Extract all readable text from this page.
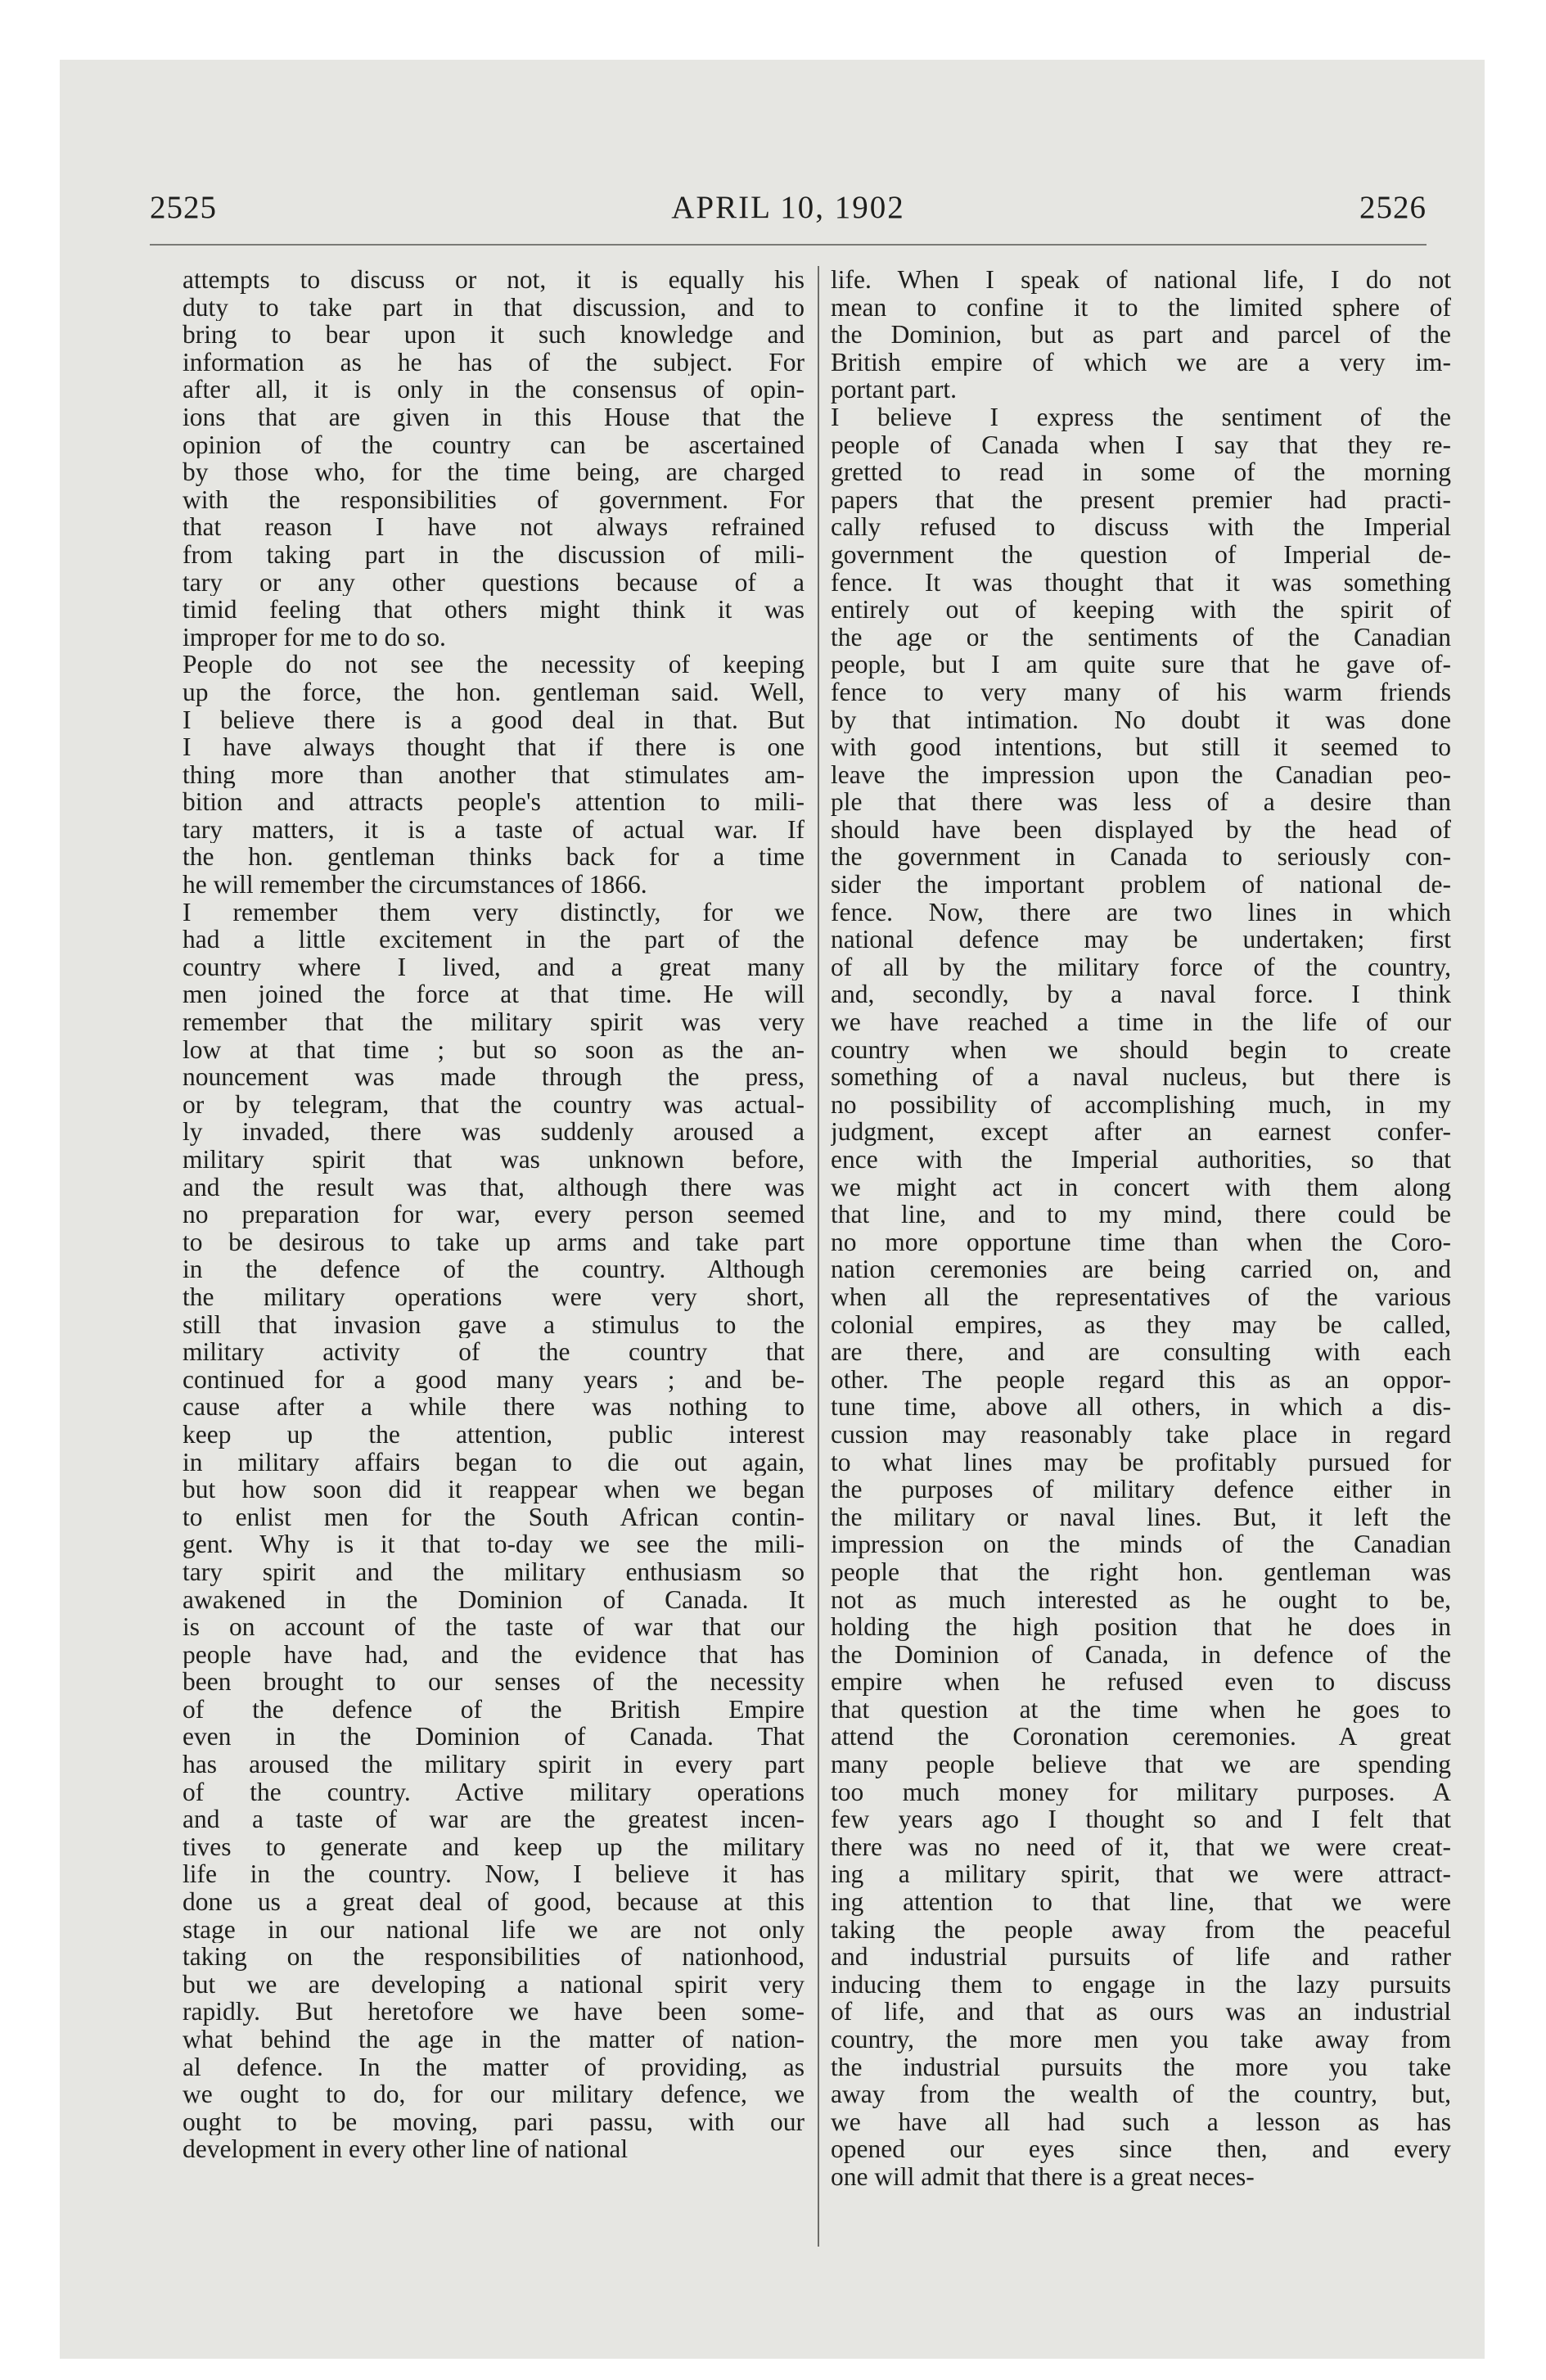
2525	APRIL 10, 1902	2526
attempts to discuss or not, it is equally his
duty to take part in that discussion, and to
bring to bear upon it such knowledge and
information as he has of the subject. For
after all, it is only in the consensus of opin-
ions that are given in this House that the
opinion of the country can be ascertained
by those who, for the time being, are charged
with the responsibilities of government. For
that reason I have not always refrained
from taking part in the discussion of mili-
tary or any other questions because of a
timid feeling that others might think it was
improper for me to do so.
People do not see the necessity of keeping
up the force, the hon. gentleman said. Well,
I believe there is a good deal in that. But
I have always thought that if there is one
thing more than another that stimulates am-
bition and attracts people's attention to mili-
tary matters, it is a taste of actual war. If
the hon. gentleman thinks back for a time
he will remember the circumstances of 1866.
I remember them very distinctly, for we
had a little excitement in the part of the
country where I lived, and a great many
men joined the force at that time. He will
remember that the military spirit was very
low at that time ; but so soon as the an-
nouncement was made through the press,
or by telegram, that the country was actual-
ly invaded, there was suddenly aroused a
military spirit that was unknown before,
and the result was that, although there was
no preparation for war, every person seemed
to be desirous to take up arms and take part
in the defence of the country. Although
the military operations were very short,
still that invasion gave a stimulus to the
military activity of the country that
continued for a good many years ; and be-
cause after a while there was nothing to
keep up the attention, public interest
in military affairs began to die out again,
but how soon did it reappear when we began
to enlist men for the South African contin-
gent. Why is it that to-day we see the mili-
tary spirit and the military enthusiasm so
awakened in the Dominion of Canada. It
is on account of the taste of war that our
people have had, and the evidence that has
been brought to our senses of the necessity
of the defence of the British Empire
even in the Dominion of Canada. That
has aroused the military spirit in every part
of the country. Active military operations
and a taste of war are the greatest incen-
tives to generate and keep up the military
life in the country. Now, I believe it has
done us a great deal of good, because at this
stage in our national life we are not only
taking on the responsibilities of nationhood,
but we are developing a national spirit very
rapidly. But heretofore we have been some-
what behind the age in the matter of nation-
al defence. In the matter of providing, as
we ought to do, for our military defence, we
ought to be moving, pari passu, with our
development in every other line of national
life. When I speak of national life, I do not
mean to confine it to the limited sphere of
the Dominion, but as part and parcel of the
British empire of which we are a very im-
portant part.
I believe I express the sentiment of the
people of Canada when I say that they re-
gretted to read in some of the morning
papers that the present premier had practi-
cally refused to discuss with the Imperial
government the question of Imperial de-
fence. It was thought that it was something
entirely out of keeping with the spirit of
the age or the sentiments of the Canadian
people, but I am quite sure that he gave of-
fence to very many of his warm friends
by that intimation. No doubt it was done
with good intentions, but still it seemed to
leave the impression upon the Canadian peo-
ple that there was less of a desire than
should have been displayed by the head of
the government in Canada to seriously con-
sider the important problem of national de-
fence. Now, there are two lines in which
national defence may be undertaken; first
of all by the military force of the country,
and, secondly, by a naval force. I think
we have reached a time in the life of our
country when we should begin to create
something of a naval nucleus, but there is
no possibility of accomplishing much, in my
judgment, except after an earnest confer-
ence with the Imperial authorities, so that
we might act in concert with them along
that line, and to my mind, there could be
no more opportune time than when the Coro-
nation ceremonies are being carried on, and
when all the representatives of the various
colonial empires, as they may be called,
are there, and are consulting with each
other. The people regard this as an oppor-
tune time, above all others, in which a dis-
cussion may reasonably take place in regard
to what lines may be profitably pursued for
the purposes of military defence either in
the military or naval lines. But, it left the
impression on the minds of the Canadian
people that the right hon. gentleman was
not as much interested as he ought to be,
holding the high position that he does in
the Dominion of Canada, in defence of the
empire when he refused even to discuss
that question at the time when he goes to
attend the Coronation ceremonies. A great
many people believe that we are spending
too much money for military purposes. A
few years ago I thought so and I felt that
there was no need of it, that we were creat-
ing a military spirit, that we were attract-
ing attention to that line, that we were
taking the people away from the peaceful
and industrial pursuits of life and rather
inducing them to engage in the lazy pursuits
of life, and that as ours was an industrial
country, the more men you take away from
the industrial pursuits the more you take
away from the wealth of the country, but,
we have all had such a lesson as has
opened our eyes since then, and every
one will admit that there is a great neces-
